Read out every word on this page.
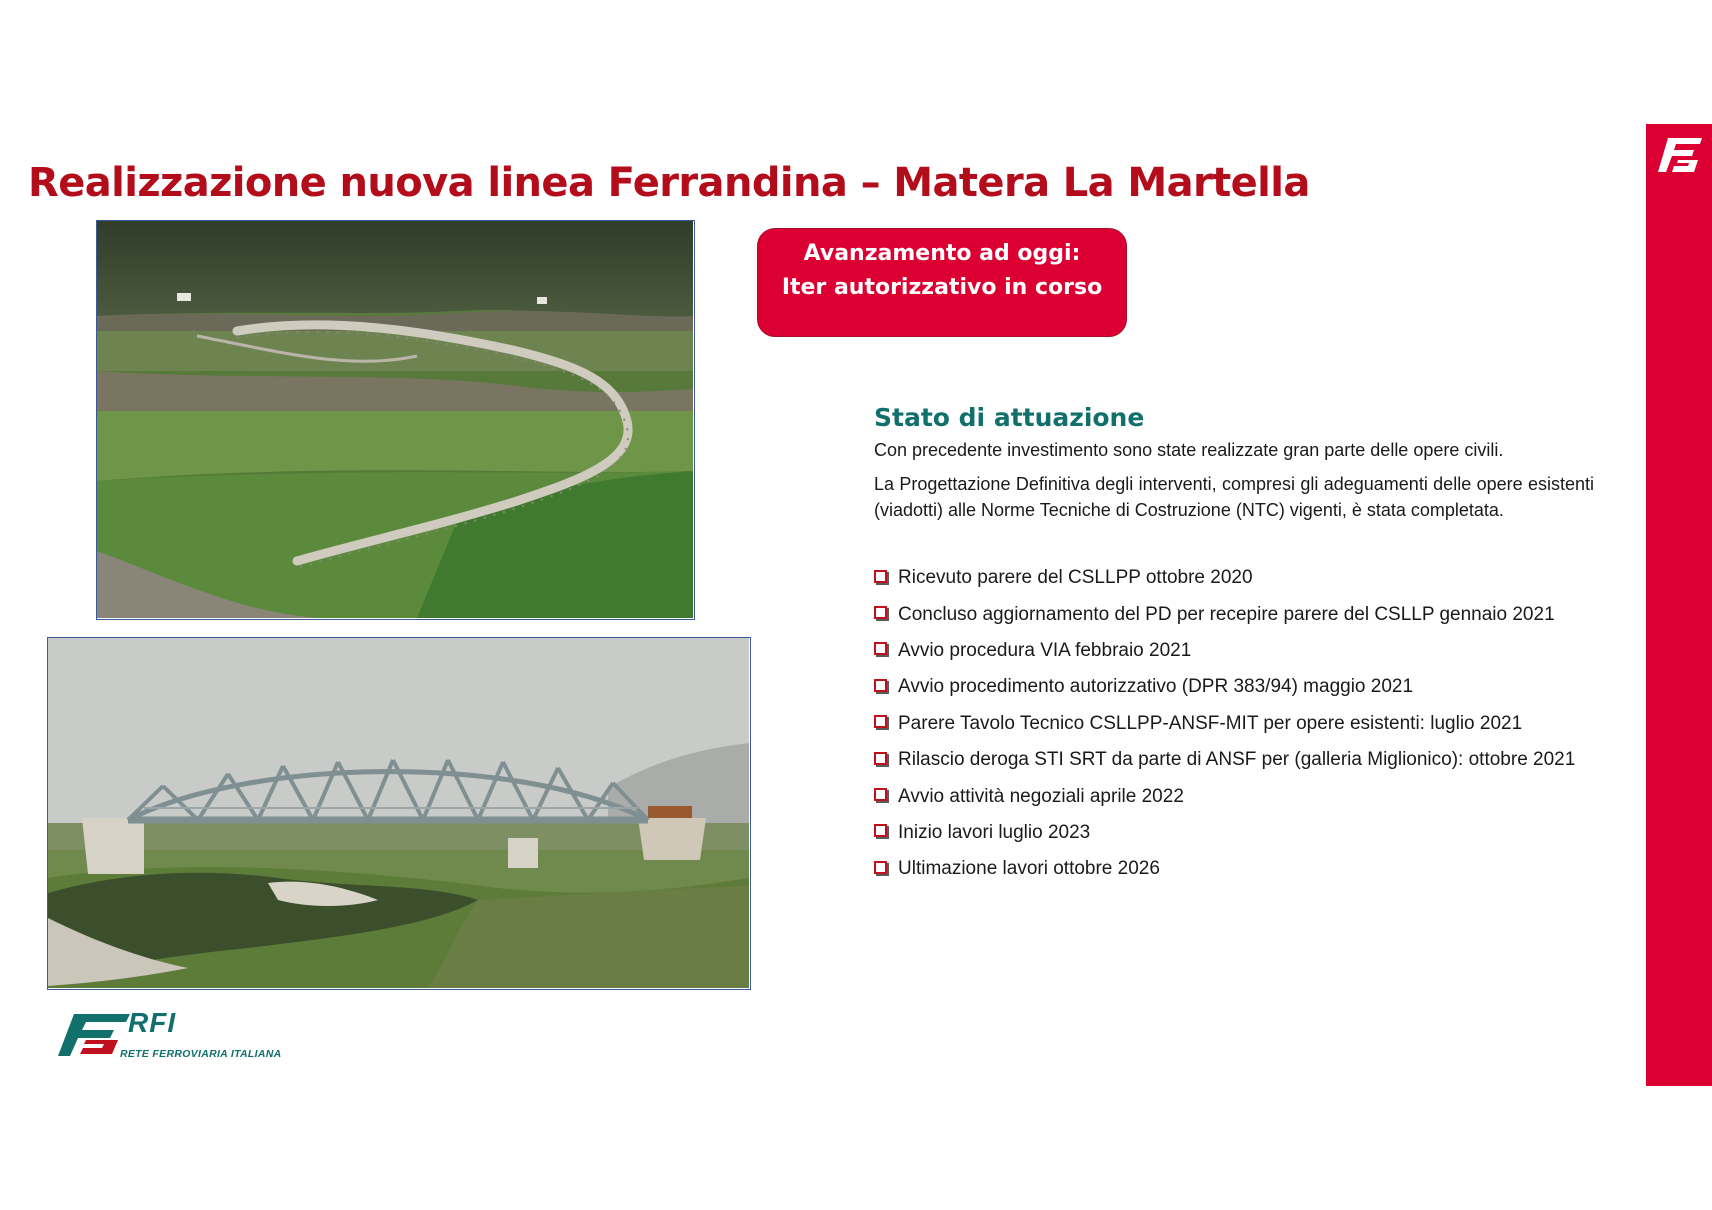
Realizzazione nuova linea Ferrandina – Matera La Martella
Avanzamento ad oggi:
Iter autorizzativo in corso
Stato di attuazione

Con precedente investimento sono state realizzate gran parte delle opere civili.

La Progettazione Definitiva degli interventi, compresi gli adeguamenti delle opere esistenti (viadotti) alle Norme Tecniche di Costruzione (NTC) vigenti, è stata completata.

Ricevuto parere del CSLLPP ottobre 2020
Concluso aggiornamento del PD per recepire parere del CSLLP gennaio 2021
Avvio procedura VIA febbraio 2021
Avvio procedimento autorizzativo (DPR 383/94) maggio 2021
Parere Tavolo Tecnico CSLLPP-ANSF-MIT per opere esistenti: luglio 2021
Rilascio deroga STI SRT da parte di ANSF per (galleria Miglionico): ottobre 2021
Avvio attività negoziali aprile 2022
Inizio lavori luglio 2023
Ultimazione lavori ottobre 2026
14
RFI
RETE FERROVIARIA ITALIANA
